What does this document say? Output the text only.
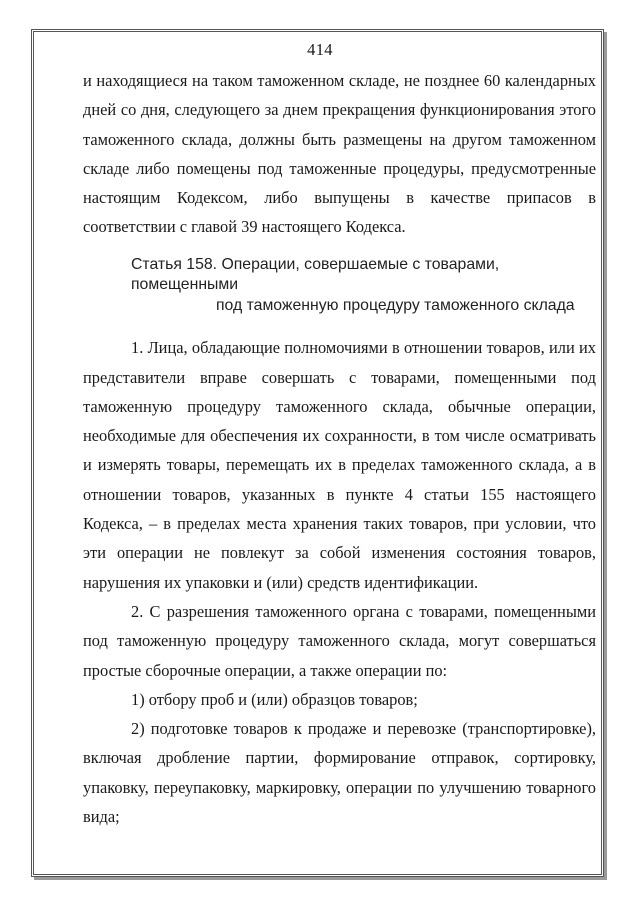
414

и находящиеся на таком таможенном складе, не позднее 60 календарных дней со дня, следующего за днем прекращения функционирования этого таможенного склада, должны быть размещены на другом таможенном складе либо помещены под таможенные процедуры, предусмотренные настоящим Кодексом, либо выпущены в качестве припасов в соответствии с главой 39 настоящего Кодекса.

Статья 158. Операции, совершаемые с товарами, помещенными
под таможенную процедуру таможенного склада

1. Лица, обладающие полномочиями в отношении товаров, или их представители вправе совершать с товарами, помещенными под таможенную процедуру таможенного склада, обычные операции, необходимые для обеспечения их сохранности, в том числе осматривать и измерять товары, перемещать их в пределах таможенного склада, а в отношении товаров, указанных в пункте 4 статьи 155 настоящего Кодекса, – в пределах места хранения таких товаров, при условии, что эти операции не повлекут за собой изменения состояния товаров, нарушения их упаковки и (или) средств идентификации.

2. С разрешения таможенного органа с товарами, помещенными под таможенную процедуру таможенного склада, могут совершаться простые сборочные операции, а также операции по:

1) отбору проб и (или) образцов товаров;

2) подготовке товаров к продаже и перевозке (транспортировке), включая дробление партии, формирование отправок, сортировку, упаковку, переупаковку, маркировку, операции по улучшению товарного вида;
